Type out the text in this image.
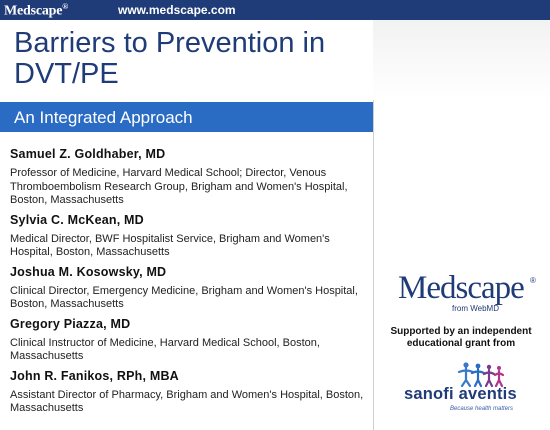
Medscape®	www.medscape.com
Barriers to Prevention in DVT/PE
An Integrated Approach

Samuel Z. Goldhaber, MD

Professor of Medicine, Harvard Medical School; Director, Venous Thromboembolism Research Group, Brigham and Women's Hospital, Boston, Massachusetts

Sylvia C. McKean, MD

Medical Director, BWF Hospitalist Service, Brigham and Women's Hospital, Boston, Massachusetts

Joshua M. Kosowsky, MD

Clinical Director, Emergency Medicine, Brigham and Women's Hospital, Boston, Massachusetts

Gregory Piazza, MD

Clinical Instructor of Medicine, Harvard Medical School, Boston, Massachusetts

John R. Fanikos, RPh, MBA

Assistant Director of Pharmacy, Brigham and Women's Hospital, Boston, Massachusetts

Medscape ®
from WebMD
Supported by an independent educational grant from
sanofi aventis
Because health matters
